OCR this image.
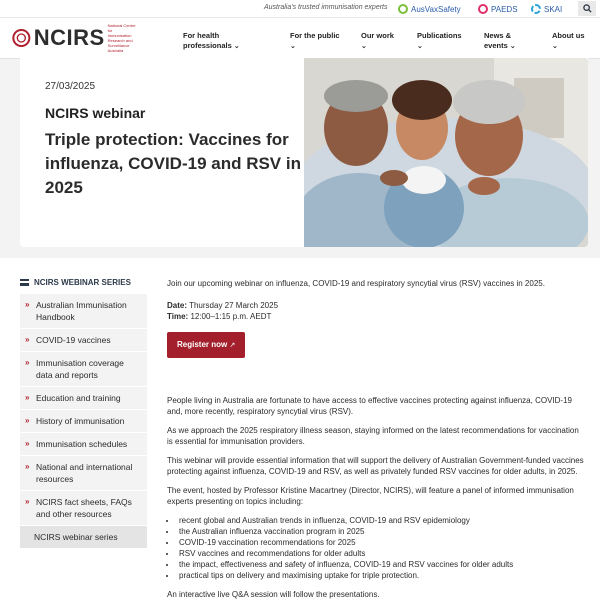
Australia's trusted immunisation experts	AusVaxSafety	PAEDS	SKAI
NCIRS National Centre for Immunisation Research and Surveillance Australia
For health
professionals ⌄
For the public
⌄
Our work
⌄
Publications
⌄
News &
events ⌄
About us
⌄
27/03/2025
NCIRS webinar
Triple protection: Vaccines for influenza, COVID-19 and RSV in 2025
NCIRS WEBINAR SERIES
» Australian Immunisation Handbook
» COVID-19 vaccines
» Immunisation coverage data and reports
» Education and training
» History of immunisation
» Immunisation schedules
» National and international resources
» NCIRS fact sheets, FAQs and other resources
NCIRS webinar series

Join our upcoming webinar on influenza, COVID-19 and respiratory syncytial virus (RSV) vaccines in 2025.

Date: Thursday 27 March 2025
Time: 12:00–1:15 p.m. AEDT
Register now ↗

People living in Australia are fortunate to have access to effective vaccines protecting against influenza, COVID-19 and, more recently, respiratory syncytial virus (RSV).

As we approach the 2025 respiratory illness season, staying informed on the latest recommendations for vaccination is essential for immunisation providers.

This webinar will provide essential information that will support the delivery of Australian Government-funded vaccines protecting against influenza, COVID-19 and RSV, as well as privately funded RSV vaccines for older adults, in 2025.

The event, hosted by Professor Kristine Macartney (Director, NCIRS), will feature a panel of informed immunisation experts presenting on topics including:

• recent global and Australian trends in influenza, COVID-19 and RSV epidemiology
• the Australian influenza vaccination program in 2025
• COVID-19 vaccination recommendations for 2025
• RSV vaccines and recommendations for older adults
• the impact, effectiveness and safety of influenza, COVID-19 and RSV vaccines for older adults
• practical tips on delivery and maximising uptake for triple protection.

An interactive live Q&A session will follow the presentations.
